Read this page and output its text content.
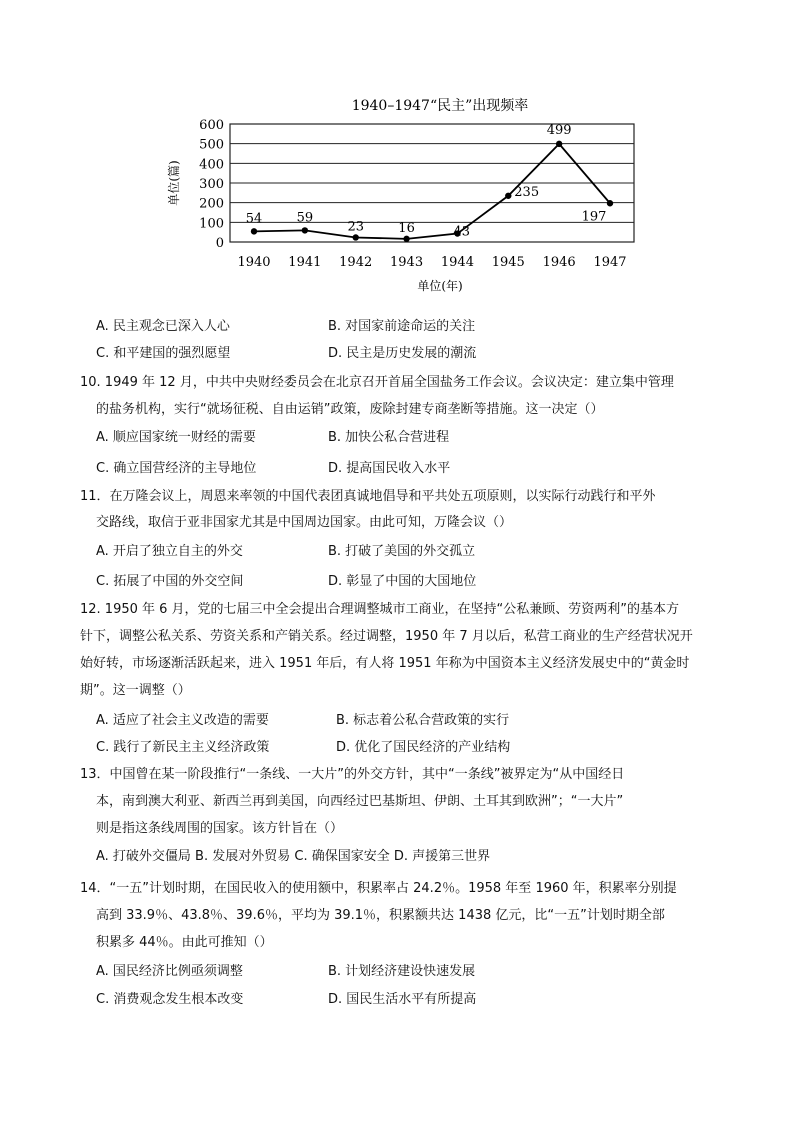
1940–1947“民主”出现频率
0
100
200
300
400
500
600
单位(篇)
1940 1941 1942 1943 1944 1945 1946 1947
单位(年)
54	59
23	16	43
235
499
197
A. 民主观念已深入人心	B. 对国家前途命运的关注
C. 和平建国的强烈愿望	D. 民主是历史发展的潮流
10. 1949 年 12 月，中共中央财经委员会在北京召开首届全国盐务工作会议。会议决定：建立集中管理
的盐务机构，实行“就场征税、自由运销”政策，废除封建专商垄断等措施。这一决定（）
A. 顺应国家统一财经的需要	B. 加快公私合营进程
C. 确立国营经济的主导地位	D. 提高国民收入水平
11．在万隆会议上，周恩来率领的中国代表团真诚地倡导和平共处五项原则，以实际行动践行和平外
交路线，取信于亚非国家尤其是中国周边国家。由此可知，万隆会议（）
A. 开启了独立自主的外交	B. 打破了美国的外交孤立
C. 拓展了中国的外交空间	D. 彰显了中国的大国地位
12. 1950 年 6 月，党的七届三中全会提出合理调整城市工商业，在坚持“公私兼顾、劳资两利”的基本方
针下，调整公私关系、劳资关系和产销关系。经过调整，1950 年 7 月以后，私营工商业的生产经营状况开
始好转，市场逐渐活跃起来，进入 1951 年后，有人将 1951 年称为中国资本主义经济发展史中的“黄金时
期”。这一调整（）
A. 适应了社会主义改造的需要	B. 标志着公私合营政策的实行
C. 践行了新民主主义经济政策	D. 优化了国民经济的产业结构
13．中国曾在某一阶段推行“一条线、一大片”的外交方针，其中“一条线”被界定为“从中国经日
本，南到澳大利亚、新西兰再到美国，向西经过巴基斯坦、伊朗、土耳其到欧洲”；“一大片”
则是指这条线周围的国家。该方针旨在（）
A. 打破外交僵局 B. 发展对外贸易 C. 确保国家安全 D. 声援第三世界
14．“一五”计划时期，在国民收入的使用额中，积累率占 24.2％。1958 年至 1960 年，积累率分别提
高到 33.9％、43.8％、39.6％，平均为 39.1％，积累额共达 1438 亿元，比“一五”计划时期全部
积累多 44％。由此可推知（）
A. 国民经济比例亟须调整	B. 计划经济建设快速发展
C. 消费观念发生根本改变	D. 国民生活水平有所提高
